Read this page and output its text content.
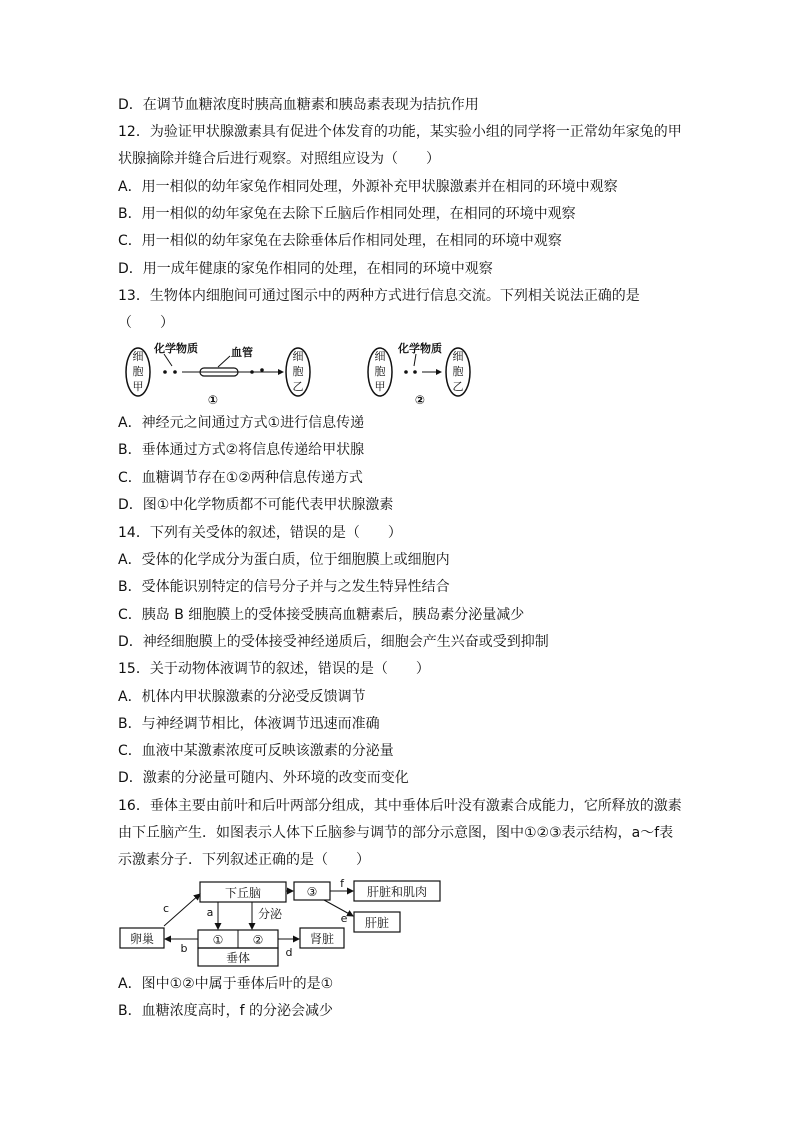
D．在调节血糖浓度时胰高血糖素和胰岛素表现为拮抗作用
12．为验证甲状腺激素具有促进个体发育的功能，某实验小组的同学将一正常幼年家兔的甲
状腺摘除并缝合后进行观察。对照组应设为（　　）
A．用一相似的幼年家兔作相同处理，外源补充甲状腺激素并在相同的环境中观察
B．用一相似的幼年家兔在去除下丘脑后作相同处理，在相同的环境中观察
C．用一相似的幼年家兔在去除垂体后作相同处理，在相同的环境中观察
D．用一成年健康的家兔作相同的处理，在相同的环境中观察
13．生物体内细胞间可通过图示中的两种方式进行信息交流。下列相关说法正确的是
（　　）
细
胞
甲
化学物质	血管	细
胞
乙
①
细
胞
甲
化学物质
细
胞
乙
②
A．神经元之间通过方式①进行信息传递
B．垂体通过方式②将信息传递给甲状腺
C．血糖调节存在①②两种信息传递方式
D．图①中化学物质都不可能代表甲状腺激素
14．下列有关受体的叙述，错误的是（　　）
A．受体的化学成分为蛋白质，位于细胞膜上或细胞内
B．受体能识别特定的信号分子并与之发生特异性结合
C．胰岛 B 细胞膜上的受体接受胰高血糖素后，胰岛素分泌量减少
D．神经细胞膜上的受体接受神经递质后，细胞会产生兴奋或受到抑制
15．关于动物体液调节的叙述，错误的是（　　）
A．机体内甲状腺激素的分泌受反馈调节
B．与神经调节相比，体液调节迅速而准确
C．血液中某激素浓度可反映该激素的分泌量
D．激素的分泌量可随内、外环境的改变而变化
16．垂体主要由前叶和后叶两部分组成，其中垂体后叶没有激素合成能力，它所释放的激素
由下丘脑产生．如图表示人体下丘脑参与调节的部分示意图，图中①②③表示结构，a～f表
示激素分子．下列叙述正确的是（　　）
下丘脑	③	肝脏和肌肉
f
肝脏
e
卵巢
c
① ②
垂体
a	分泌
b
肾脏
d
A．图中①②中属于垂体后叶的是①
B．血糖浓度高时，f 的分泌会减少
